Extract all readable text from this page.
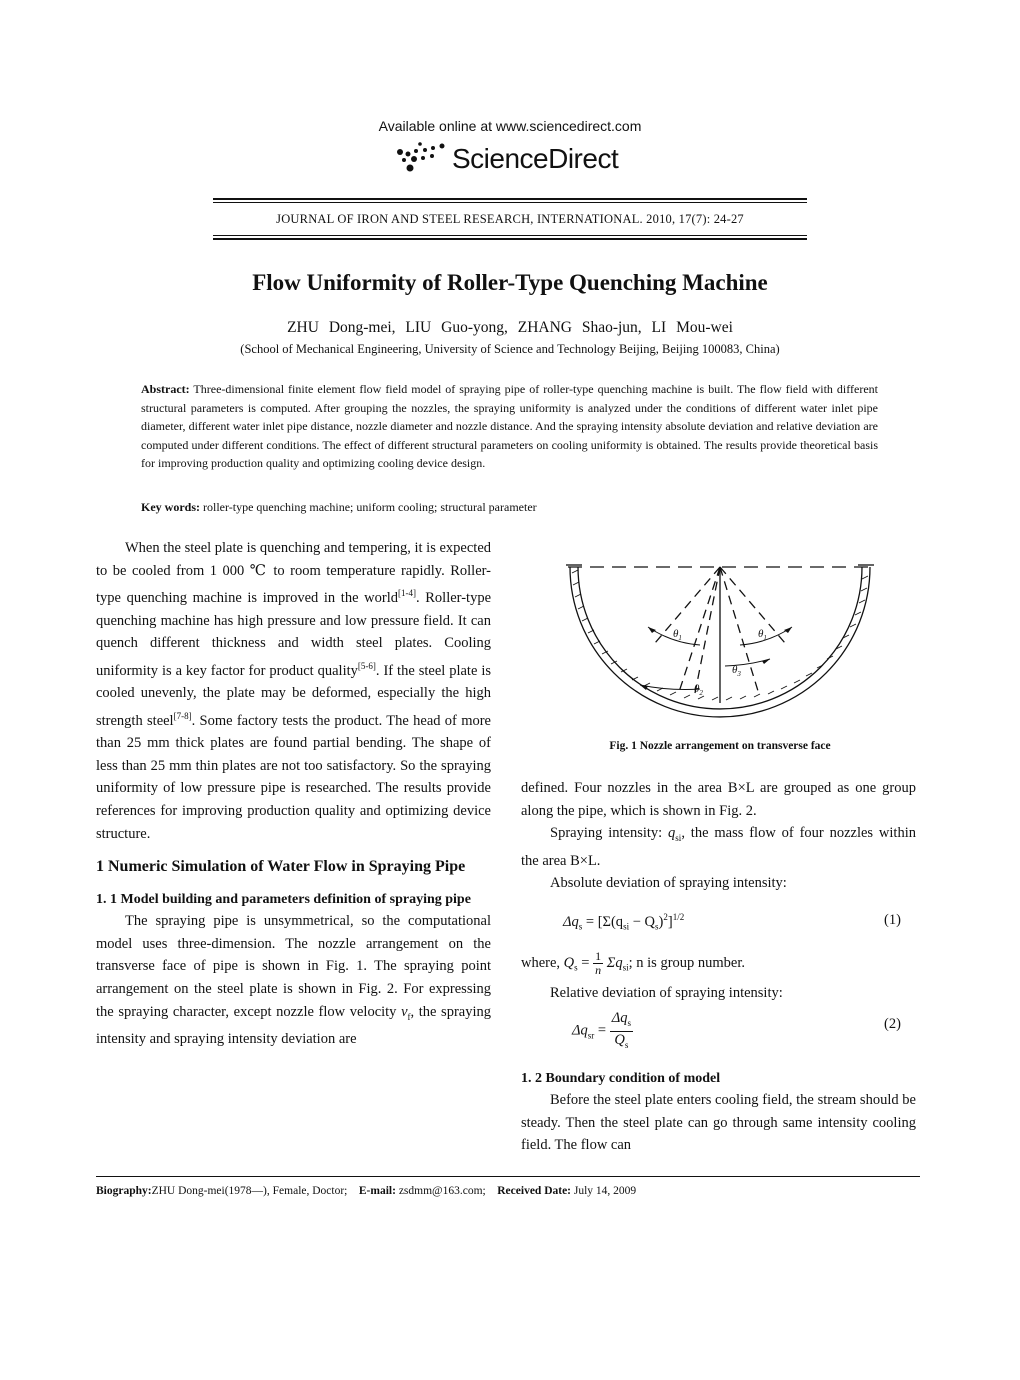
Available online at www.sciencedirect.com
ScienceDirect
JOURNAL OF IRON AND STEEL RESEARCH, INTERNATIONAL. 2010, 17(7): 24-27
Flow Uniformity of Roller-Type Quenching Machine
ZHU Dong-mei, LIU Guo-yong, ZHANG Shao-jun, LI Mou-wei
(School of Mechanical Engineering, University of Science and Technology Beijing, Beijing 100083, China)
Abstract: Three-dimensional finite element flow field model of spraying pipe of roller-type quenching machine is built. The flow field with different structural parameters is computed. After grouping the nozzles, the spraying uniformity is analyzed under the conditions of different water inlet pipe diameter, different water inlet pipe distance, nozzle diameter and nozzle distance. And the spraying intensity absolute deviation and relative deviation are computed under different conditions. The effect of different structural parameters on cooling uniformity is obtained. The results provide theoretical basis for improving production quality and optimizing cooling device design.
Key words: roller-type quenching machine; uniform cooling; structural parameter

When the steel plate is quenching and tempering, it is expected to be cooled from 1 000 ℃ to room temperature rapidly. Roller-type quenching machine is improved in the world[1-4]. Roller-type quenching machine has high pressure and low pressure field. It can quench different thickness and width steel plates. Cooling uniformity is a key factor for product quality[5-6]. If the steel plate is cooled unevenly, the plate may be deformed, especially the high strength steel[7-8]. Some factory tests the product. The head of more than 25 mm thick plates are found partial bending. The shape of less than 25 mm thin plates are not too satisfactory. So the spraying uniformity of low pressure pipe is researched. The results provide references for improving production quality and optimizing device structure.

1 Numeric Simulation of Water Flow in Spraying Pipe
1. 1 Model building and parameters definition of spraying pipe

The spraying pipe is unsymmetrical, so the computational model uses three-dimension. The nozzle arrangement on the transverse face of pipe is shown in Fig. 1. The spraying point arrangement on the steel plate is shown in Fig. 2. For expressing the spraying character, except nozzle flow velocity $v_f$, the spraying intensity and spraying intensity deviation are

$\theta_1$	$\theta_1$
$\theta_3$
$\theta_2$
Fig. 1 Nozzle arrangement on transverse face

defined. Four nozzles in the area B×L are grouped as one group along the pipe, which is shown in Fig. 2.

Spraying intensity: $q_{si}$, the mass flow of four nozzles within the area B×L.

Absolute deviation of spraying intensity:

$\Delta q_s = [\Sigma(q_{si} - Q_s)^2]^{1/2}$	(1)
where, $Q_s = \frac{1}{n} \Sigma q_{si}$; n is group number.

Relative deviation of spraying intensity:

$\Delta q_{sr}$ =
$\Delta q_s$
$Q_s$
(2)
1. 2 Boundary condition of model

Before the steel plate enters cooling field, the stream should be steady. Then the steel plate can go through same intensity cooling field. The flow can

Biography:ZHU Dong-mei(1978—), Female, Doctor; E-mail: zsdmm@163.com; Received Date: July 14, 2009
